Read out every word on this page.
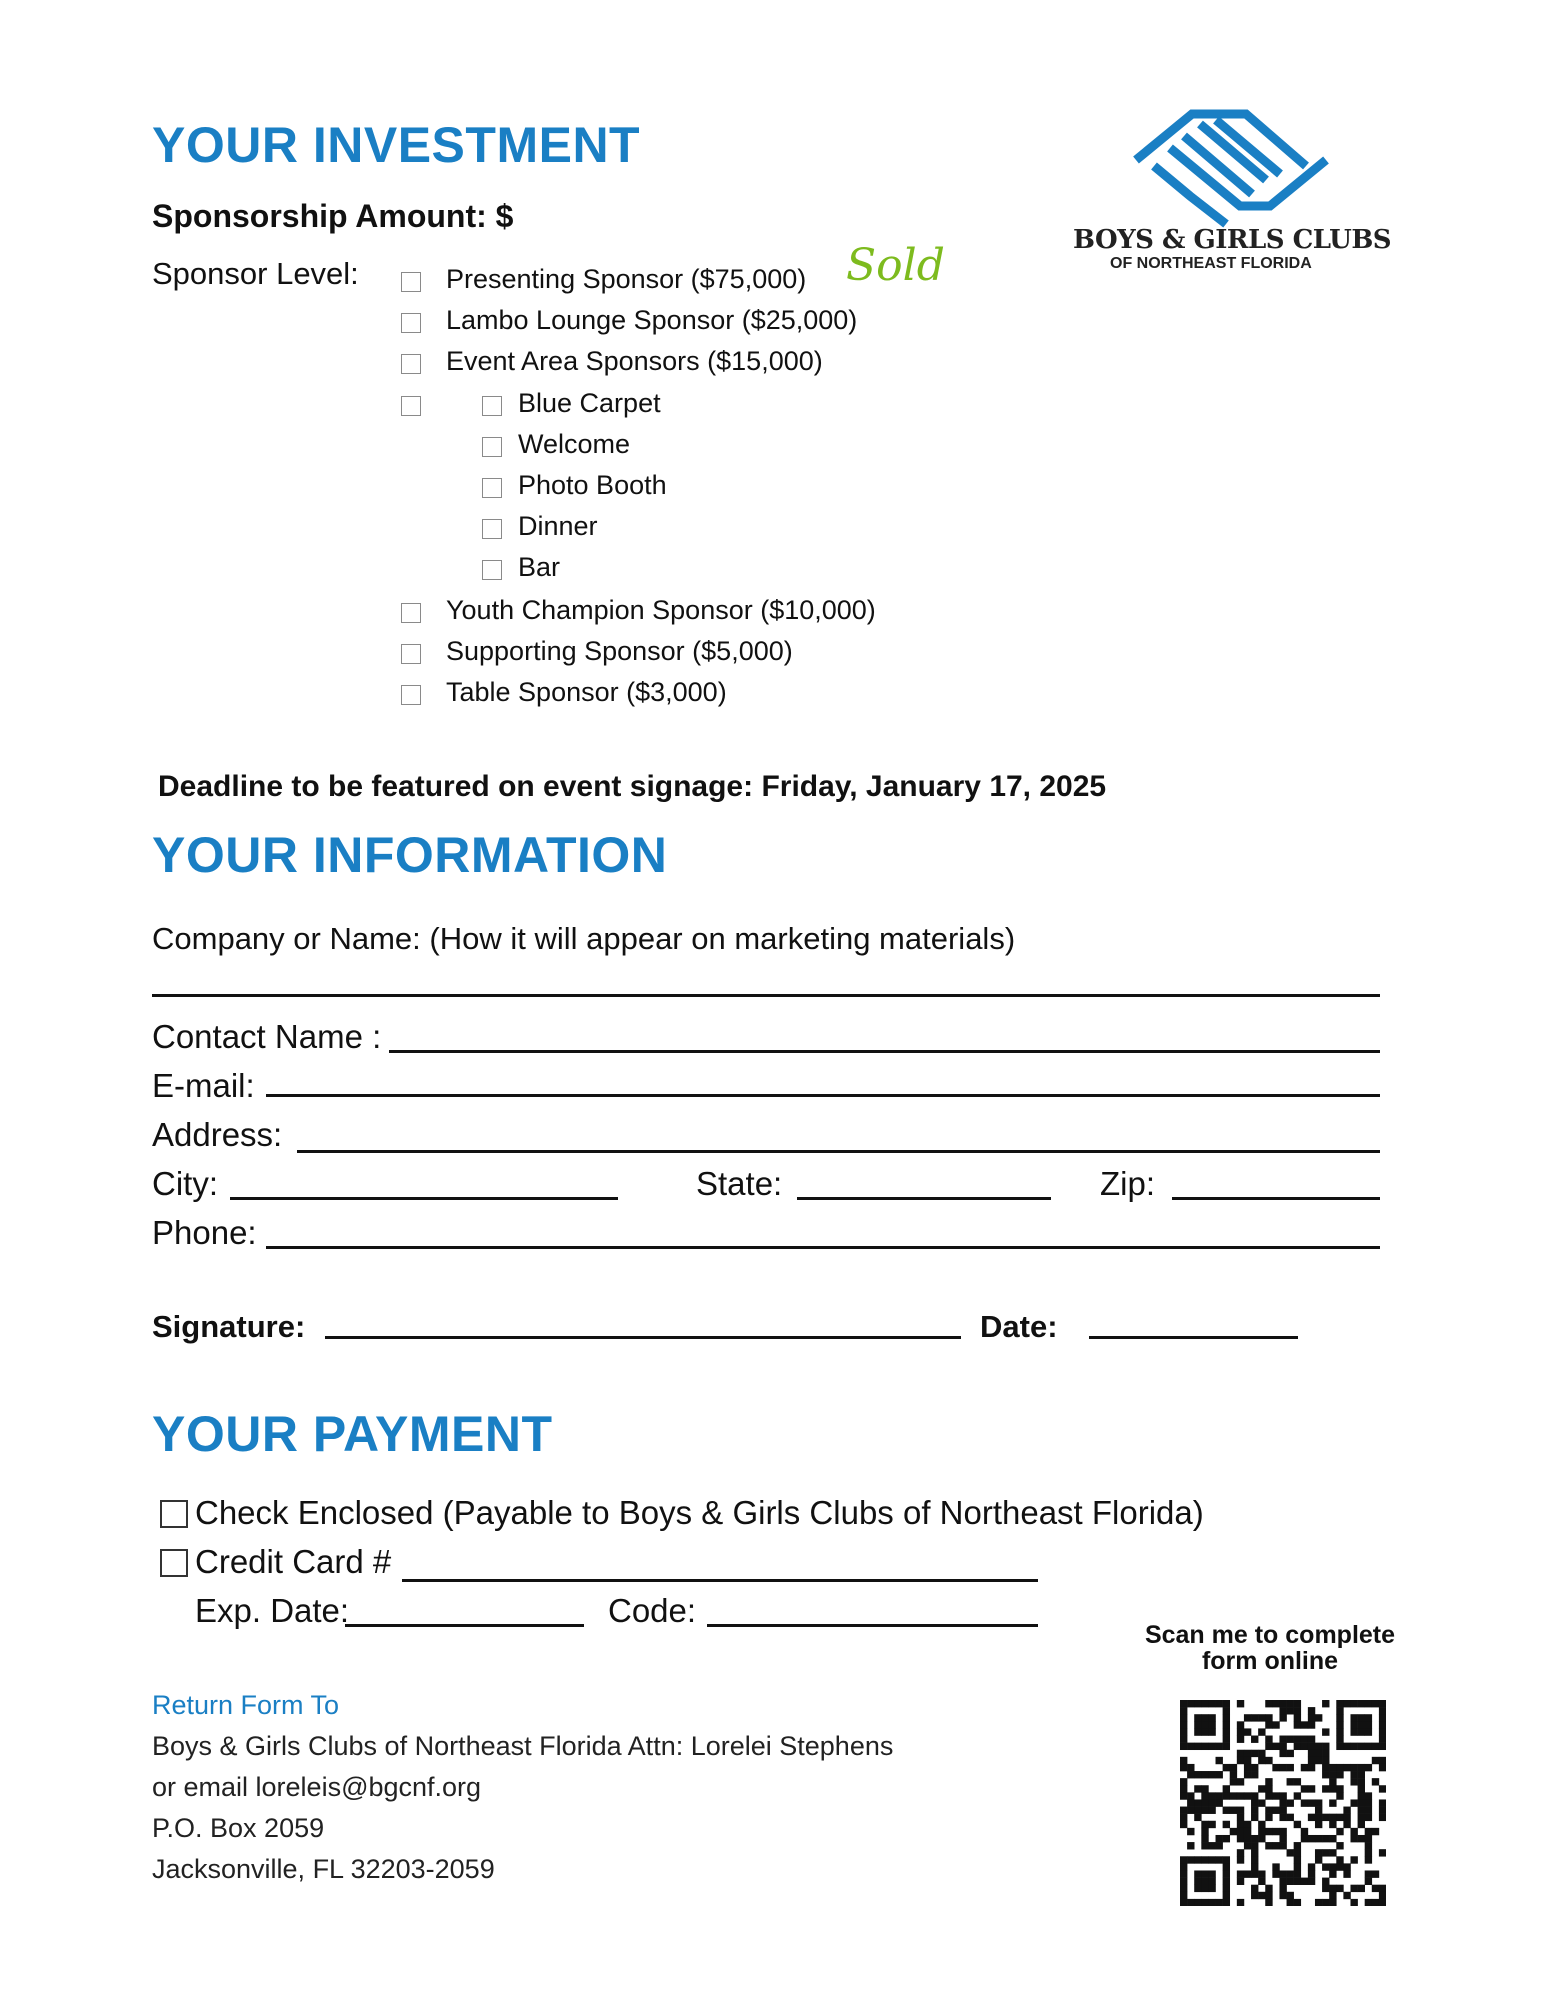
YOUR INVESTMENT
Sponsorship Amount: $
Sponsor Level:	Presenting Sponsor ($75,000) Sold
Lambo Lounge Sponsor ($25,000)
Event Area Sponsors ($15,000)
Blue Carpet
Welcome
Photo Booth
Dinner
Bar
Youth Champion Sponsor ($10,000)
Supporting Sponsor ($5,000)
Table Sponsor ($3,000)
BOYS & GIRLS CLUBS
OF NORTHEAST FLORIDA
Deadline to be featured on event signage: Friday, January 17, 2025
YOUR INFORMATION
Company or Name: (How it will appear on marketing materials)
Contact Name :
E-mail:
Address:
City:	State:	Zip:
Phone:
Signature:	Date:
YOUR PAYMENT
Check Enclosed (Payable to Boys & Girls Clubs of Northeast Florida)
Credit Card #
Exp. Date:	Code:
Scan me to complete
form online
Return Form To
Boys & Girls Clubs of Northeast Florida Attn: Lorelei Stephens
or email loreleis@bgcnf.org
P.O. Box 2059
Jacksonville, FL 32203-2059
